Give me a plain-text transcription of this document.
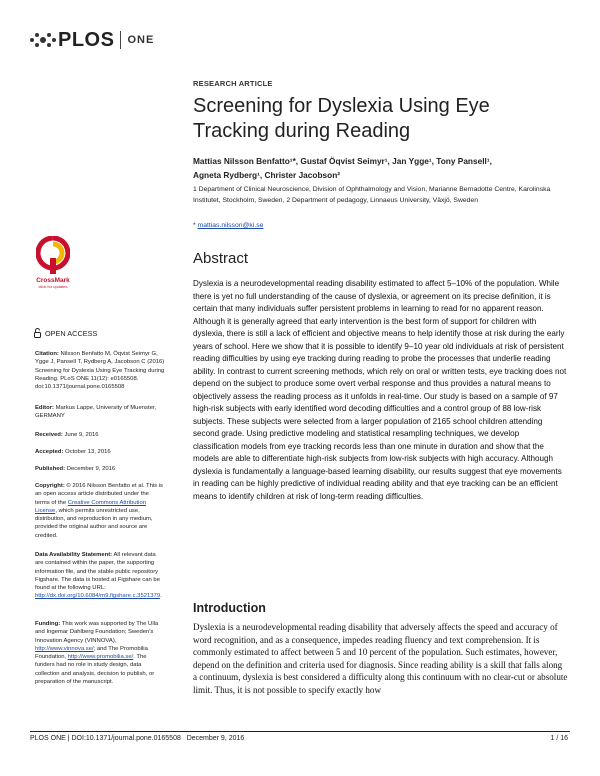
PLOS ONE
RESEARCH ARTICLE
Screening for Dyslexia Using Eye Tracking during Reading
Mattias Nilsson Benfatto¹*, Gustaf Öqvist Seimyr¹, Jan Ygge¹, Tony Pansell¹,
Agneta Rydberg¹, Christer Jacobson²
1 Department of Clinical Neuroscience, Division of Ophthalmology and Vision, Marianne Bernadotte Centre, Karolinska Institutet, Stockholm, Sweden, 2 Department of pedagogy, Linnaeus University, Växjö, Sweden
* mattias.nilsson@ki.se
Abstract
Dyslexia is a neurodevelopmental reading disability estimated to affect 5–10% of the population. While there is yet no full understanding of the cause of dyslexia, or agreement on its precise definition, it is certain that many individuals suffer persistent problems in learning to read for no apparent reason. Although it is generally agreed that early intervention is the best form of support for children with dyslexia, there is still a lack of efficient and objective means to help identify those at risk during the early years of school. Here we show that it is possible to identify 9–10 year old individuals at risk of persistent reading difficulties by using eye tracking during reading to probe the processes that underlie reading ability. In contrast to current screening methods, which rely on oral or written tests, eye tracking does not depend on the subject to produce some overt verbal response and thus provides a natural means to objectively assess the reading process as it unfolds in real-time. Our study is based on a sample of 97 high-risk subjects with early identified word decoding difficulties and a control group of 88 low-risk subjects. These subjects were selected from a larger population of 2165 school children attending second grade. Using predictive modeling and statistical resampling techniques, we develop classification models from eye tracking records less than one minute in duration and show that the models are able to differentiate high-risk subjects from low-risk subjects with high accuracy. Although dyslexia is fundamentally a language-based learning disability, our results suggest that eye movements in reading can be highly predictive of individual reading ability and that eye tracking can be an efficient means to identify children at risk of long-term reading difficulties.
Introduction
Dyslexia is a neurodevelopmental reading disability that adversely affects the speed and accuracy of word recognition, and as a consequence, impedes reading fluency and text comprehension. It is commonly estimated to affect between 5 and 10 percent of the population. Such estimates, however, depend on the definition and criteria used for diagnosis. Since reading ability is a skill that falls along a continuum, dyslexia is best considered a difficulty along this continuum with no clear-cut or absolute limit. Thus, it is not possible to specify exactly how
CrossMark
click for updates
OPEN ACCESS
Citation: Nilsson Benfatto M, Öqvist Seimyr G, Ygge J, Pansell T, Rydberg A, Jacobson C (2016) Screening for Dyslexia Using Eye Tracking during Reading. PLoS ONE 11(12): e0165508. doi:10.1371/journal.pone.0165508
Editor: Markus Lappe, University of Muenster, GERMANY
Received: June 9, 2016
Accepted: October 13, 2016
Published: December 9, 2016
Copyright: © 2016 Nilsson Benfatto et al. This is an open access article distributed under the terms of the Creative Commons Attribution License, which permits unrestricted use, distribution, and reproduction in any medium, provided the original author and source are credited.
Data Availability Statement: All relevant data are contained within the paper, the supporting information file, and the stable public repository Figshare. The data is hosted at Figshare can be found at the following URL: http://dx.doi.org/10.6084/m9.figshare.c.3521379.
Funding: This work was supported by The Ulla and Ingemar Dahlberg Foundation; Sweden's Innovation Agency (VINNOVA), http://www.vinnova.se/; and The Promobilia Foundation, http://www.promobilia.se/. The funders had no role in study design, data collection and analysis, decision to publish, or preparation of the manuscript.
PLOS ONE | DOI:10.1371/journal.pone.0165508   December 9, 2016	1 / 16
